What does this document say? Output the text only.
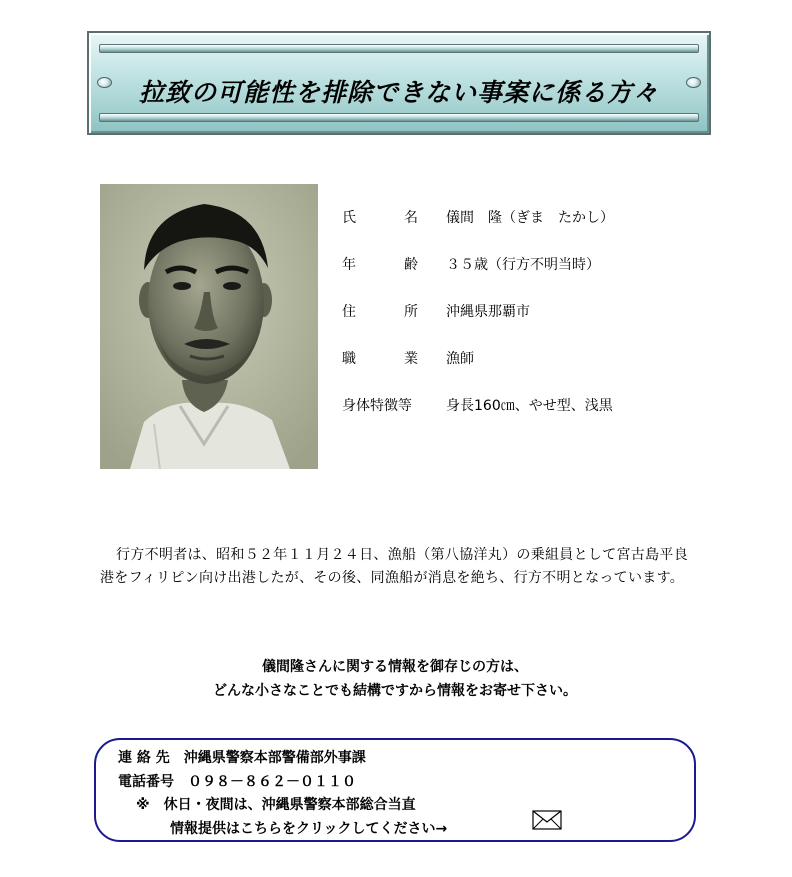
拉致の可能性を排除できない事案に係る方々
氏	名 儀間　隆（ぎま　たかし）
年	齢 ３５歳（行方不明当時）
住	所 沖縄県那覇市
職	業 漁師
身体特徴等	身長160㎝、やせ型、浅黒
行方不明者は、昭和５２年１１月２４日、漁船（第八協洋丸）の乗組員として宮古島平良港をフィリピン向け出港したが、その後、同漁船が消息を絶ち、行方不明となっています。
儀間隆さんに関する情報を御存じの方は、
どんな小さなことでも結構ですから情報をお寄せ下さい。
連 絡 先　沖縄県警察本部警備部外事課
電話番号　０９８－８６２－０１１０
※　休日・夜間は、沖縄県警察本部総合当直
情報提供はこちらをクリックしてください→
